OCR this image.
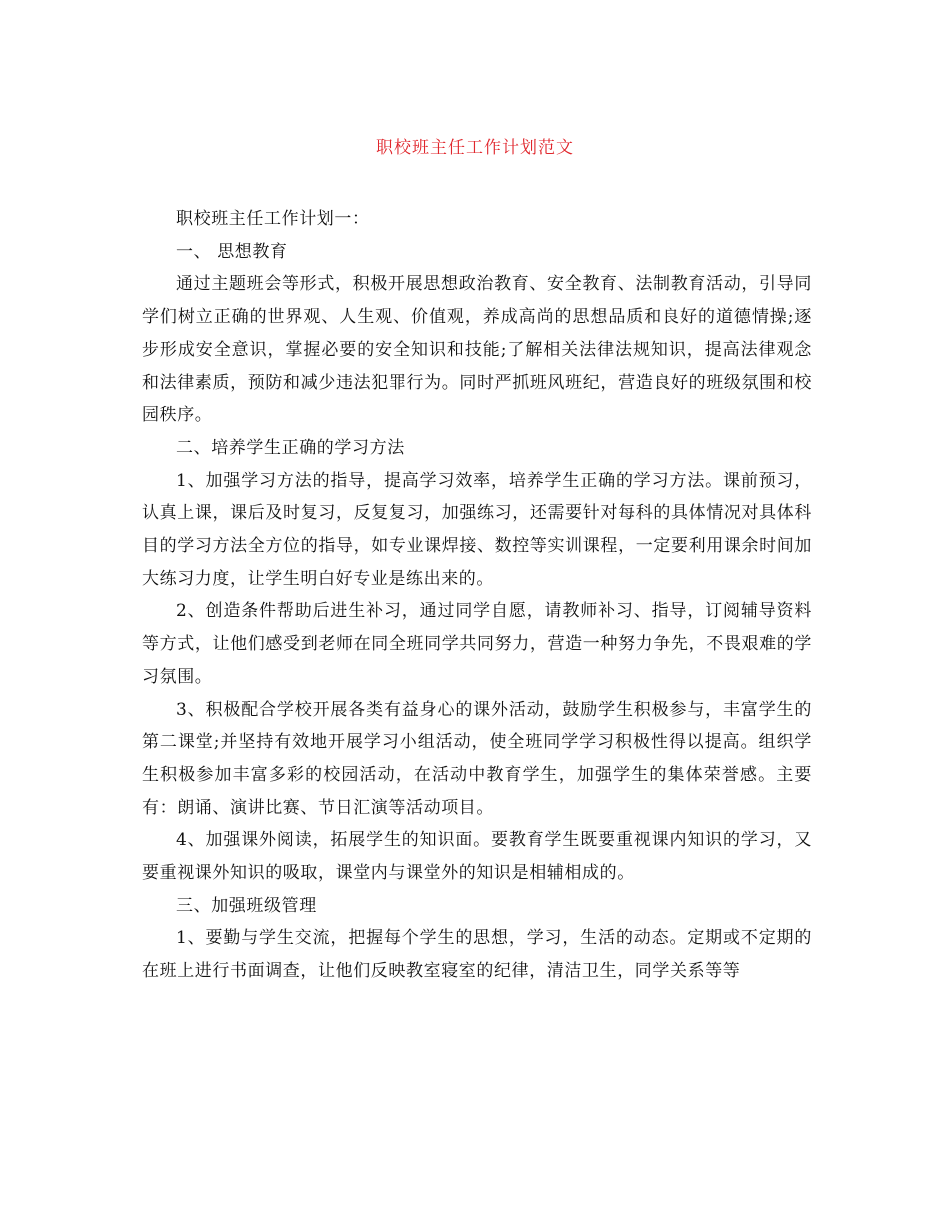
职校班主任工作计划范文

职校班主任工作计划一：

一、 思想教育

通过主题班会等形式，积极开展思想政治教育、安全教育、法制教育活动，引导同学们树立正确的世界观、人生观、价值观，养成高尚的思想品质和良好的道德情操;逐步形成安全意识，掌握必要的安全知识和技能;了解相关法律法规知识，提高法律观念和法律素质，预防和减少违法犯罪行为。同时严抓班风班纪，营造良好的班级氛围和校园秩序。

二、培养学生正确的学习方法

1、加强学习方法的指导，提高学习效率，培养学生正确的学习方法。课前预习，认真上课，课后及时复习，反复复习，加强练习，还需要针对每科的具体情况对具体科目的学习方法全方位的指导，如专业课焊接、数控等实训课程，一定要利用课余时间加大练习力度，让学生明白好专业是练出来的。

2、创造条件帮助后进生补习，通过同学自愿，请教师补习、指导，订阅辅导资料等方式，让他们感受到老师在同全班同学共同努力，营造一种努力争先，不畏艰难的学习氛围。

3、积极配合学校开展各类有益身心的课外活动，鼓励学生积极参与，丰富学生的第二课堂;并坚持有效地开展学习小组活动，使全班同学学习积极性得以提高。组织学生积极参加丰富多彩的校园活动，在活动中教育学生，加强学生的集体荣誉感。主要有：朗诵、演讲比赛、节日汇演等活动项目。

4、加强课外阅读，拓展学生的知识面。要教育学生既要重视课内知识的学习，又要重视课外知识的吸取，课堂内与课堂外的知识是相辅相成的。

三、加强班级管理

1、要勤与学生交流，把握每个学生的思想，学习，生活的动态。定期或不定期的在班上进行书面调查，让他们反映教室寝室的纪律，清洁卫生，同学关系等等
